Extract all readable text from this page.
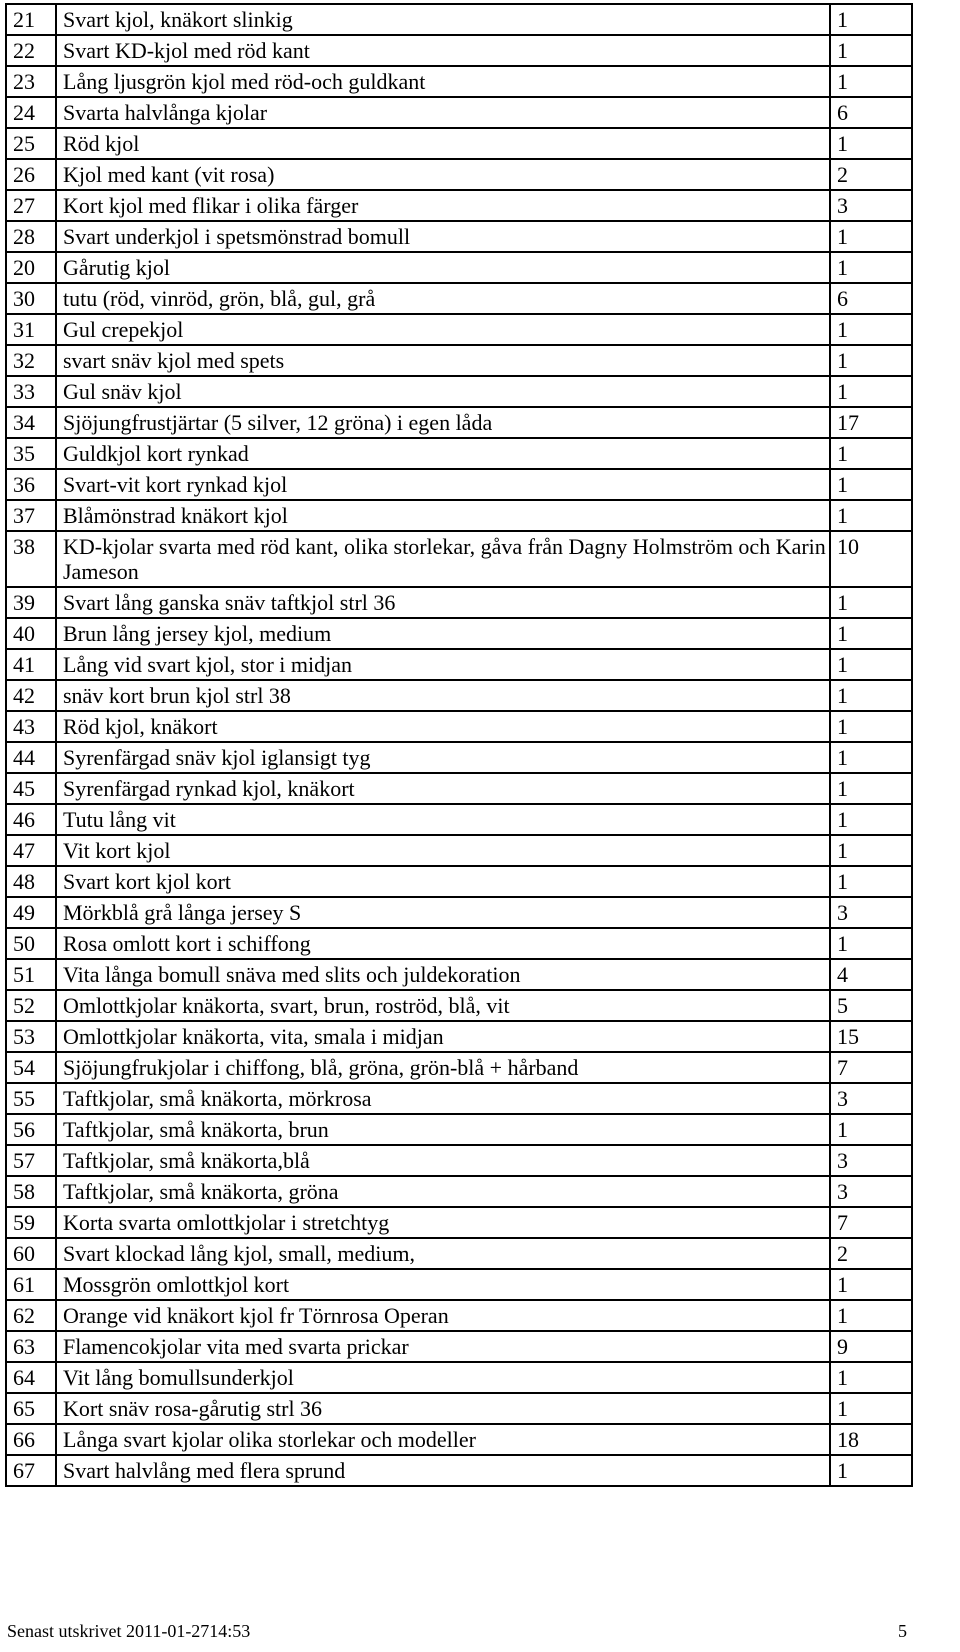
21	Svart kjol, knäkort slinkig	1
22	Svart KD-kjol med röd kant	1
23	Lång ljusgrön kjol med röd-och guldkant	1
24	Svarta halvlånga kjolar	6
25	Röd kjol	1
26	Kjol med kant (vit rosa)	2
27	Kort kjol med flikar i olika färger	3
28	Svart underkjol i spetsmönstrad bomull	1
20	Gårutig kjol	1
30	tutu (röd, vinröd, grön, blå, gul, grå	6
31	Gul crepekjol	1
32	svart snäv kjol med spets	1
33	Gul snäv kjol	1
34	Sjöjungfrustjärtar (5 silver, 12 gröna) i egen låda	17
35	Guldkjol kort rynkad	1
36	Svart-vit kort rynkad kjol	1
37	Blåmönstrad knäkort kjol	1
38	KD-kjolar svarta med röd kant, olika storlekar, gåva från Dagny Holmström och Karin Jameson	10
39	Svart lång ganska snäv taftkjol strl 36	1
40	Brun lång jersey kjol, medium	1
41	Lång vid svart kjol, stor i midjan	1
42	snäv kort brun kjol strl 38	1
43	Röd kjol, knäkort	1
44	Syrenfärgad snäv kjol iglansigt tyg	1
45	Syrenfärgad rynkad kjol, knäkort	1
46	Tutu lång vit	1
47	Vit kort kjol	1
48	Svart kort kjol kort	1
49	Mörkblå grå långa jersey S	3
50	Rosa omlott kort i schiffong	1
51	Vita långa bomull snäva med slits och juldekoration	4
52	Omlottkjolar knäkorta, svart, brun, roströd, blå, vit	5
53	Omlottkjolar knäkorta, vita, smala i midjan	15
54	Sjöjungfrukjolar i chiffong, blå, gröna, grön-blå + hårband	7
55	Taftkjolar, små knäkorta, mörkrosa	3
56	Taftkjolar, små knäkorta, brun	1
57	Taftkjolar, små knäkorta,blå	3
58	Taftkjolar, små knäkorta, gröna	3
59	Korta svarta omlottkjolar i stretchtyg	7
60	Svart klockad lång kjol, small, medium,	2
61	Mossgrön omlottkjol kort	1
62	Orange vid knäkort kjol fr Törnrosa Operan	1
63	Flamencokjolar vita med svarta prickar	9
64	Vit lång bomullsunderkjol	1
65	Kort snäv rosa-gårutig strl 36	1
66	Långa svart kjolar olika storlekar och modeller	18
67	Svart halvlång med flera sprund	1
Senast utskrivet 2011-01-2714:53	5
